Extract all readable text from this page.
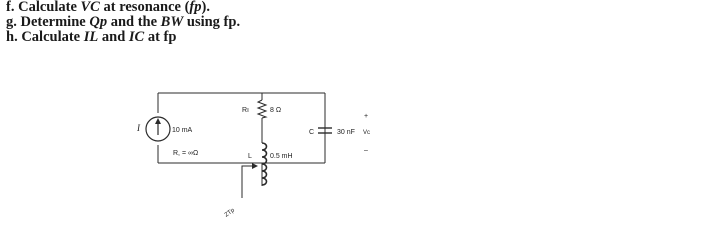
f. Calculate VC at resonance (fp).
g. Determine Qp and the BW using fp.
h. Calculate IL and IC at fp
I	10 mA
R, = ∞Ω
Rı	8 Ω
L	0.5 mH
C	30 nF
+
Vc
–
ZTp
